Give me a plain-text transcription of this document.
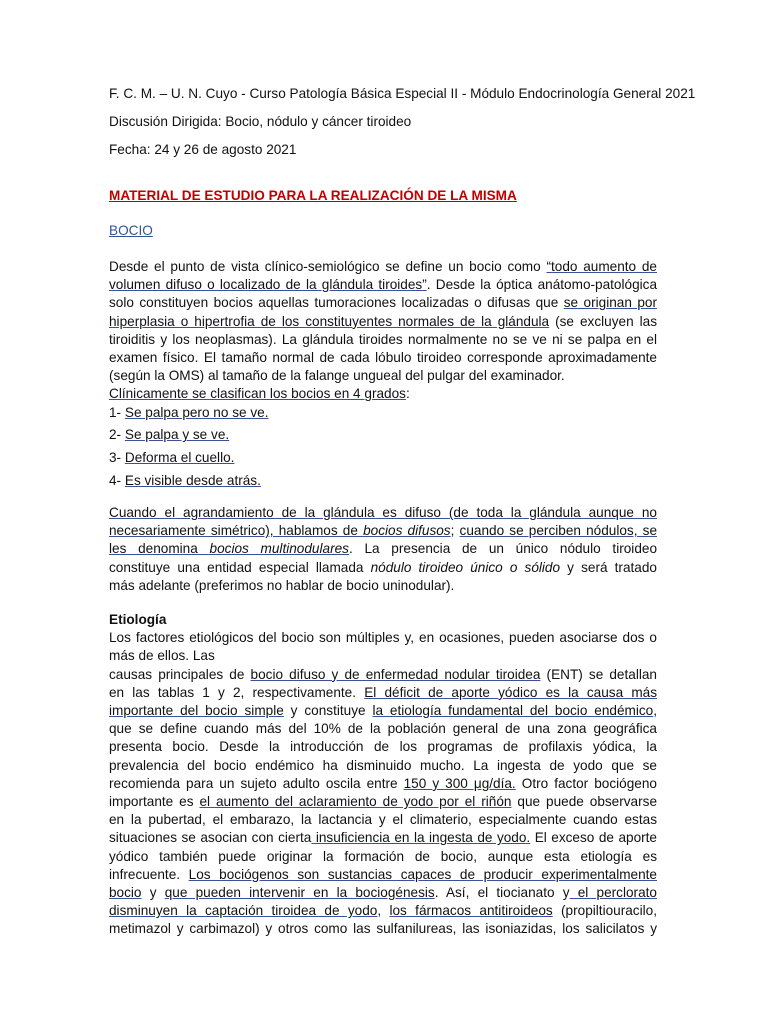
F. C. M. – U. N. Cuyo - Curso Patología Básica Especial II - Módulo Endocrinología General 2021
Discusión Dirigida: Bocio, nódulo y cáncer tiroideo
Fecha: 24 y 26 de agosto 2021
MATERIAL DE ESTUDIO PARA LA REALIZACIÓN DE LA MISMA
BOCIO

Desde el punto de vista clínico-semiológico se define un bocio como “todo aumento de

volumen difuso o localizado de la glándula tiroides”. Desde la óptica anátomo-patológica

solo constituyen bocios aquellas tumoraciones localizadas o difusas que se originan por

hiperplasia o hipertrofia de los constituyentes normales de la glándula (se excluyen las

tiroiditis y los neoplasmas). La glándula tiroides normalmente no se ve ni se palpa en el

examen físico. El tamaño normal de cada lóbulo tiroideo corresponde aproximadamente

(según la OMS) al tamaño de la falange ungueal del pulgar del examinador.

Clínicamente se clasifican los bocios en 4 grados:

1- Se palpa pero no se ve.

2- Se palpa y se ve.

3- Deforma el cuello.

4- Es visible desde atrás.

Cuando el agrandamiento de la glándula es difuso (de toda la glándula aunque no

necesariamente simétrico), hablamos de bocios difusos; cuando se perciben nódulos, se

les denomina bocios multinodulares. La presencia de un único nódulo tiroideo

constituye una entidad especial llamada nódulo tiroideo único o sólido y será tratado

más adelante (preferimos no hablar de bocio uninodular).

Etiología

Los factores etiológicos del bocio son múltiples y, en ocasiones, pueden asociarse dos o

más de ellos. Las

causas principales de bocio difuso y de enfermedad nodular tiroidea (ENT) se detallan

en las tablas 1 y 2, respectivamente. El déficit de aporte yódico es la causa más

importante del bocio simple y constituye la etiología fundamental del bocio endémico,

que se define cuando más del 10% de la población general de una zona geográfica

presenta bocio. Desde la introducción de los programas de profilaxis yódica, la

prevalencia del bocio endémico ha disminuido mucho. La ingesta de yodo que se

recomienda para un sujeto adulto oscila entre 150 y 300 μg/día. Otro factor bociógeno

importante es el aumento del aclaramiento de yodo por el riñón que puede observarse

en la pubertad, el embarazo, la lactancia y el climaterio, especialmente cuando estas

situaciones se asocian con cierta insuficiencia en la ingesta de yodo. El exceso de aporte

yódico también puede originar la formación de bocio, aunque esta etiología es

infrecuente. Los bociógenos son sustancias capaces de producir experimentalmente

bocio y que pueden intervenir en la bociogénesis. Así, el tiocianato y el perclorato

disminuyen la captación tiroidea de yodo, los fármacos antitiroideos (propiltiouracilo,

metimazol y carbimazol) y otros como las sulfanilureas, las isoniazidas, los salicilatos y
